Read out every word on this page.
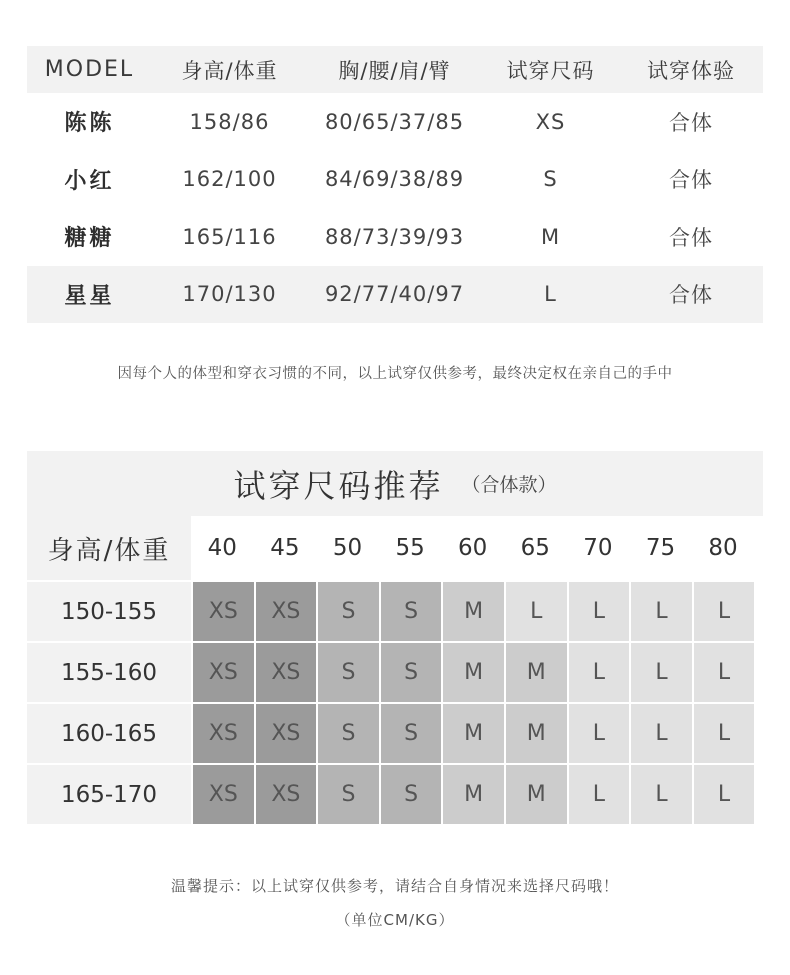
MODEL	身高/体重	胸/腰/肩/臂	试穿尺码	试穿体验
陈陈	158/86	80/65/37/85	XS	合体
小红	162/100	84/69/38/89	S	合体
糖糖	165/116	88/73/39/93	M	合体
星星	170/130	92/77/40/97	L	合体
因每个人的体型和穿衣习惯的不同，以上试穿仅供参考，最终决定权在亲自己的手中
试穿尺码推荐 （合体款）
身高/体重	40	45	50	55	60	65	70	75	80
150-155	XS	XS	S	S	M	L	L	L	L
155-160	XS	XS	S	S	M	M	L	L	L
160-165	XS	XS	S	S	M	M	L	L	L
165-170	XS	XS	S	S	M	M	L	L	L
温馨提示：以上试穿仅供参考，请结合自身情况来选择尺码哦！
（单位CM/KG）
